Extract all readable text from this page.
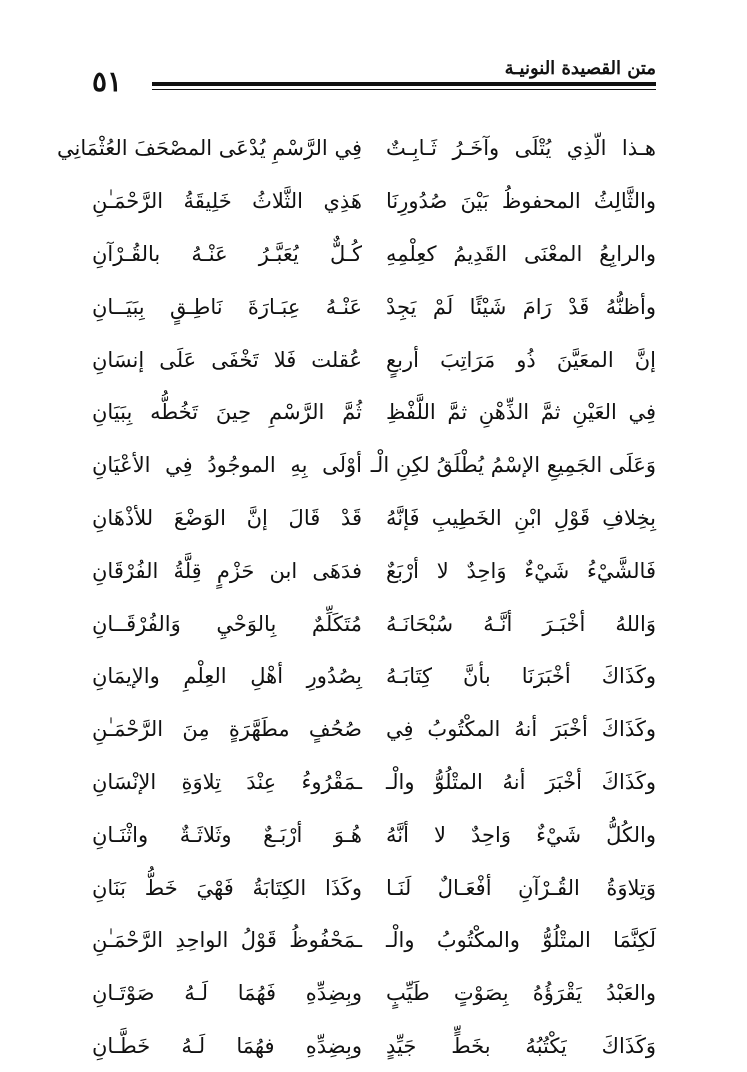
٥١	متن القصيدة النونيـة
هـذا الّذِي يُتْلَى وآخَـرُ ثَـابِـتٌ
فِي الرَّسْمِ يُدْعَى المصْحَفَ العُثْمَانِي
والثَّالِثُ المحفوظُ بَيْنَ صُدُورِنَا
هَذِي الثَّلاثُ خَلِيقَةُ الرَّحْمَـٰنِ
والرابِعُ المعْنَى القَدِيمُ كعِلْمِهِ
كُـلٌّ يُعَبَّـرُ عَنْـهُ بالقُـرْآنِ
وأظنُّهُ قَدْ رَامَ شَيْئًا لَمْ يَجِدْ
عَنْـهُ عِبَـارَةَ نَاطِـقٍ بِبَيَــانِ
إنَّ المعَيَّنَ ذُو مَرَاتِبَ أربعٍ
عُقلت فَلا تَخْفَى عَلَى إنسَانِ
فِي العَيْنِ ثمَّ الذِّهْنِ ثمَّ اللَّفْظِ
ثُمَّ الرَّسْمِ حِينَ تَخُطُّه بِبَيَانِ
وَعَلَى الجَمِيعِ الإسْمُ يُطْلَقُ لكِنِ الْـ
أوْلَى بِهِ الموجُودُ فِي الأعْيَانِ
بِخِلافِ قَوْلِ ابْنِ الخَطِيبِ فَإنَّهُ
قَدْ قَالَ إنَّ الوَضْعَ للأذْهَانِ
فَالشَّيْءُ شَيْءٌ وَاحِدٌ لا أرْبَعٌ
فدَهَى ابن حَزْمٍ قِلَّةُ الفُرْقَانِ
وَاللهُ أخْبَـرَ أنَّـهُ سُبْحَانَـهُ
مُتَكَلِّمٌ بِالوَحْيِ وَالفُرْقَــانِ
وكَذَاكَ أخْبَرَنَا بأنَّ كِتَابَـهُ
بِصُدُورِ أهْلِ العِلْمِ والإيمَانِ
وكَذَاكَ أخْبَرَ أنهُ المكْتُوبُ فِي
صُحُفٍ مطَهَّرَةٍ مِنَ الرَّحْمَـٰنِ
وكَذَاكَ أخْبَرَ أنهُ المتْلُوُّ والْـ
ـمَقْرُوءُ عِنْدَ تِلاوَةِ الإنْسَانِ
والكُلُّ شَيْءٌ وَاحِدٌ لا أنَّهُ
هُـوَ أرْبَـعٌ وثَلاثَـةٌ واثْنَـانِ
وَتِلاوَةُ القُـرْآنِ أفْعَـالٌ لَنَـا
وكَذَا الكِتَابَةُ فَهْيَ خَطُّ بَنَانِ
لَكِنَّمَا المتْلُوُّ والمكْتُوبُ والْـ
ـمَحْفُوظُ قَوْلُ الواحِدِ الرَّحْمَـٰنِ
والعَبْدُ يَقْرَؤُهُ بِصَوْتٍ طَيِّبٍ
وبِضِدِّهِ فَهُمَا لَـهُ صَوْتَـانِ
وَكَذَاكَ يَكْتُبُهُ بخَطٍّ جَيِّدٍ
وبِضِدِّهِ فهُمَا لَـهُ خَطَّـانِ
